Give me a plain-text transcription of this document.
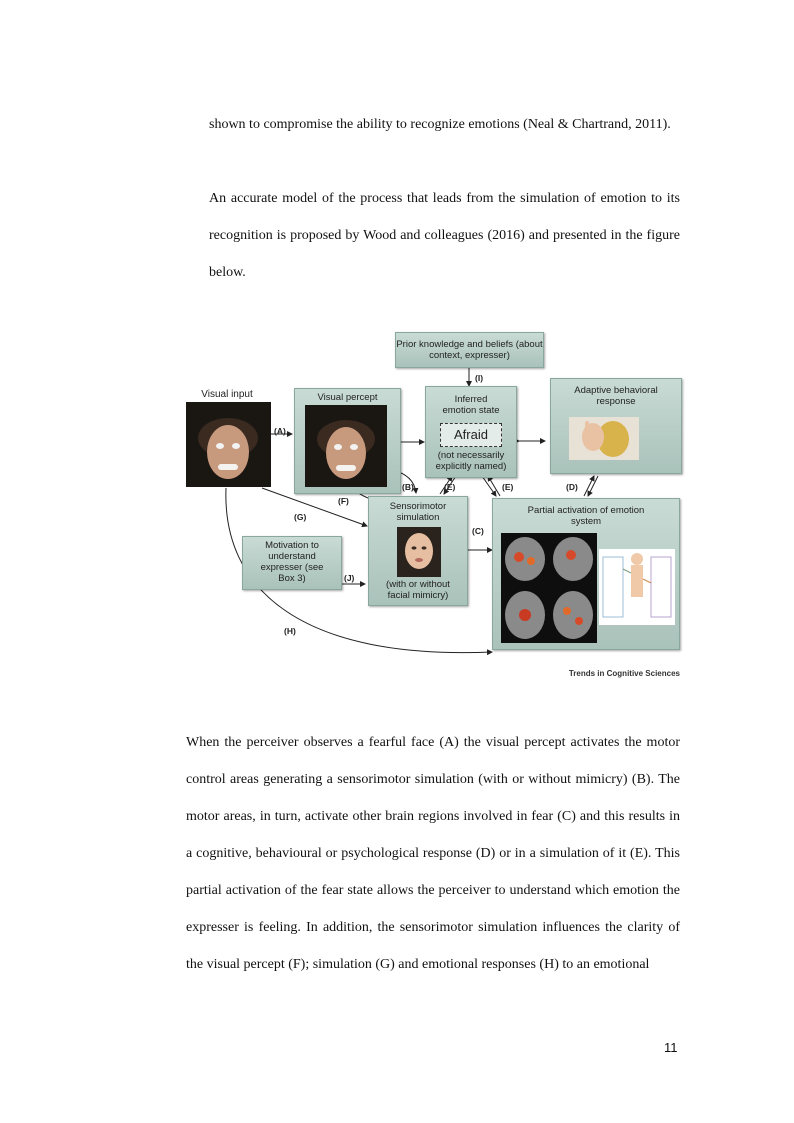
shown to compromise the ability to recognize emotions (Neal & Chartrand, 2011).

An accurate model of the process that leads from the simulation of emotion to its recognition is proposed by Wood and colleagues (2016) and presented in the figure below.

Prior knowledge and beliefs (about context, expresser)
(I)
Visual input
(A)
Visual percept	Inferred
emotion state
Afraid
(not necessarily explicitly named)
Adaptive behavioral response
(B)
(F)
(E)	(E)	(D)
(G)
Sensorimotor simulation
(with or without facial mimicry)
(C)
Partial activation of emotion system
Motivation to understand expresser (see Box 3)	(J)
(H)
Trends in Cognitive Sciences

When the perceiver observes a fearful face (A) the visual percept activates the motor control areas generating a sensorimotor simulation (with or without mimicry) (B). The motor areas, in turn, activate other brain regions involved in fear (C) and this results in a cognitive, behavioural or psychological response (D) or in a simulation of it (E). This partial activation of the fear state allows the perceiver to understand which emotion the expresser is feeling. In addition, the sensorimotor simulation influences the clarity of the visual percept (F); simulation (G) and emotional responses (H) to an emotional

11
